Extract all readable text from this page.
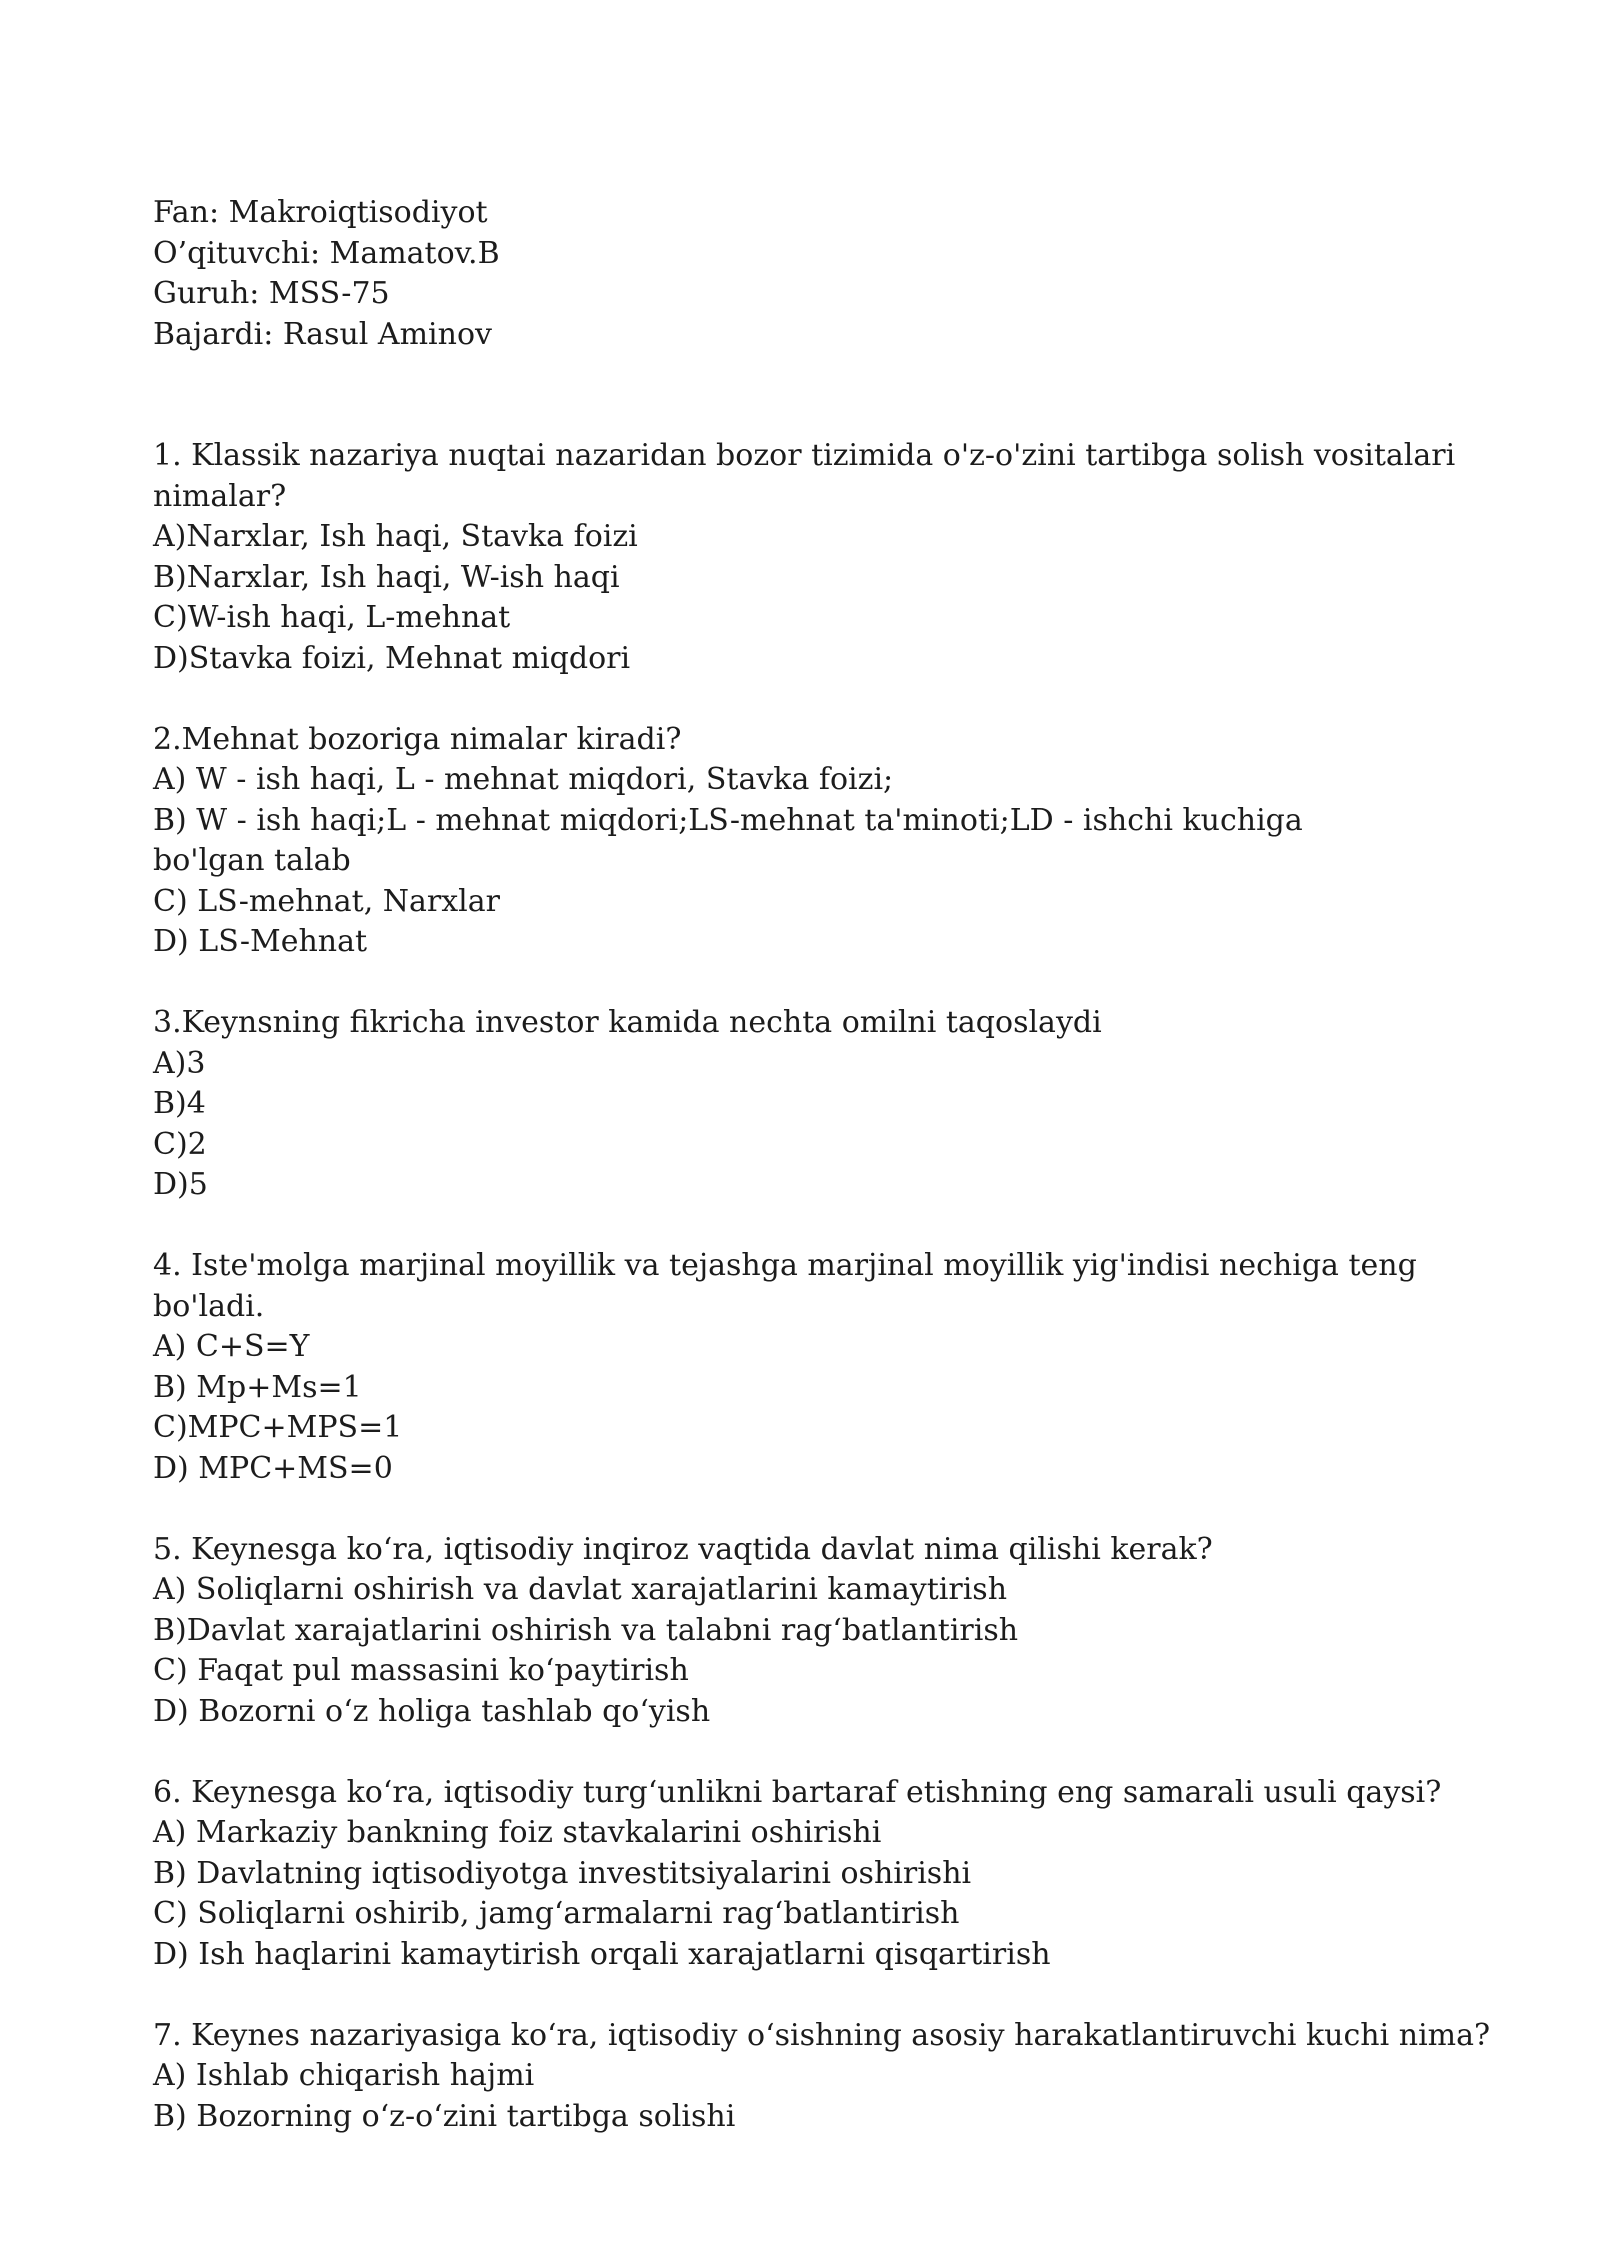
Fan: Makroiqtisodiyot

O’qituvchi: Mamatov.B

Guruh: MSS-75

Bajardi: Rasul Aminov

1. Klassik nazariya nuqtai nazaridan bozor tizimida o'z-o'zini tartibga solish vositalari

nimalar?

A)Narxlar, Ish haqi, Stavka foizi

B)Narxlar, Ish haqi, W-ish haqi

C)W-ish haqi, L-mehnat

D)Stavka foizi, Mehnat miqdori

2.Mehnat bozoriga nimalar kiradi?

A) W - ish haqi, L - mehnat miqdori, Stavka foizi;

B) W - ish haqi;L - mehnat miqdori;LS-mehnat ta'minoti;LD - ishchi kuchiga

bo'lgan talab

C) LS-mehnat, Narxlar

D) LS-Mehnat

3.Keynsning fikricha investor kamida nechta omilni taqoslaydi

A)3

B)4

C)2

D)5

4. Iste'molga marjinal moyillik va tejashga marjinal moyillik yig'indisi nechiga teng bo'ladi.

A) C+S=Y

B) Mp+Ms=1

C)MPC+MPS=1

D) MPC+MS=0

5. Keynesga ko‘ra, iqtisodiy inqiroz vaqtida davlat nima qilishi kerak?

A) Soliqlarni oshirish va davlat xarajatlarini kamaytirish

B)Davlat xarajatlarini oshirish va talabni rag‘batlantirish

C) Faqat pul massasini ko‘paytirish

D) Bozorni o‘z holiga tashlab qo‘yish

6. Keynesga ko‘ra, iqtisodiy turg‘unlikni bartaraf etishning eng samarali usuli qaysi?

A) Markaziy bankning foiz stavkalarini oshirishi

B) Davlatning iqtisodiyotga investitsiyalarini oshirishi

C) Soliqlarni oshirib, jamg‘armalarni rag‘batlantirish

D) Ish haqlarini kamaytirish orqali xarajatlarni qisqartirish

7. Keynes nazariyasiga ko‘ra, iqtisodiy o‘sishning asosiy harakatlantiruvchi kuchi nima?

A) Ishlab chiqarish hajmi

B) Bozorning o‘z-o‘zini tartibga solishi
